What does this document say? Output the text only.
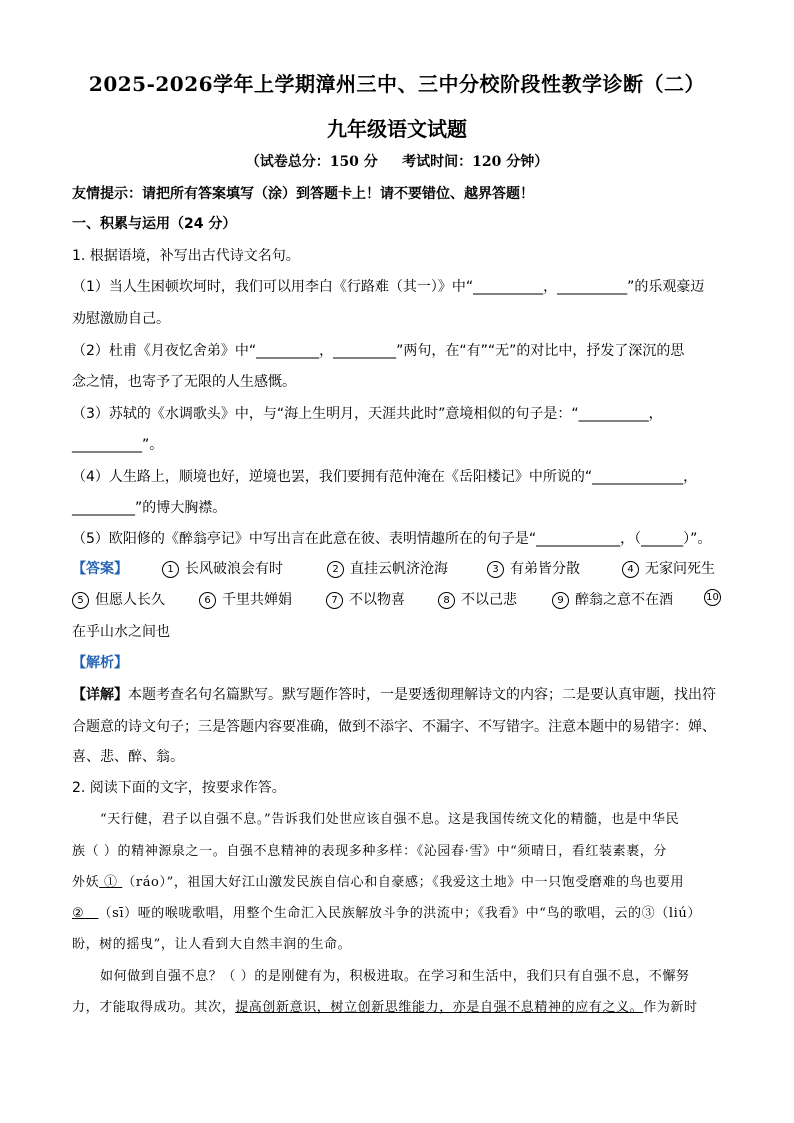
2025-2026学年上学期漳州三中、三中分校阶段性教学诊断（二）
九年级语文试题
（试卷总分：150 分     考试时间：120 分钟）
友情提示：请把所有答案填写（涂）到答题卡上！请不要错位、越界答题！
一、积累与运用（24 分）
1. 根据语境，补写出古代诗文名句。
（1）当人生困顿坎坷时，我们可以用李白《行路难（其一）》中“__________，__________”的乐观豪迈
劝慰激励自己。
（2）杜甫《月夜忆舍弟》中“_________，_________”两句，在“有”“无”的对比中，抒发了深沉的思
念之情，也寄予了无限的人生感慨。
（3）苏轼的《水调歌头》中，与“海上生明月，天涯共此时”意境相似的句子是：“__________，
__________”。
（4）人生路上，顺境也好，逆境也罢，我们要拥有范仲淹在《岳阳楼记》中所说的“_____________，
_________”的博大胸襟。
（5）欧阳修的《醉翁亭记》中写出言在此意在彼、表明情趣所在的句子是“____________，（______）”。
【答案】	1 长风破浪会有时	2 直挂云帆济沧海	3 有弟皆分散	4 无家问死生
5 但愿人长久	6 千里共婵娟	7 不以物喜	8 不以己悲	9 醉翁之意不在酒	10
在乎山水之间也
【解析】
【详解】本题考查名句名篇默写。默写题作答时，一是要透彻理解诗文的内容；二是要认真审题，找出符
合题意的诗文句子；三是答题内容要准确，做到不添字、不漏字、不写错字。注意本题中的易错字：婵、
喜、悲、醉、翁。
2. 阅读下面的文字，按要求作答。
“天行健，君子以自强不息。”告诉我们处世应该自强不息。这是我国传统文化的精髓，也是中华民
族（ ）的精神源泉之一。自强不息精神的表现多种多样：《沁园春·雪》中“须晴日，看红装素裹，分
外妖 ① （ráo）”，祖国大好江山激发民族自信心和自豪感；《我爱这土地》中一只饱受磨难的鸟也要用
② （sī）哑的喉咙歌唱，用整个生命汇入民族解放斗争的洪流中；《我看》中“鸟的歌唱，云的③（liú）
盼，树的摇曳”，让人看到大自然丰润的生命。
如何做到自强不息？（ ）的是刚健有为，积极进取。在学习和生活中，我们只有自强不息，不懈努
力，才能取得成功。其次，提高创新意识，树立创新思维能力，亦是自强不息精神的应有之义。作为新时
